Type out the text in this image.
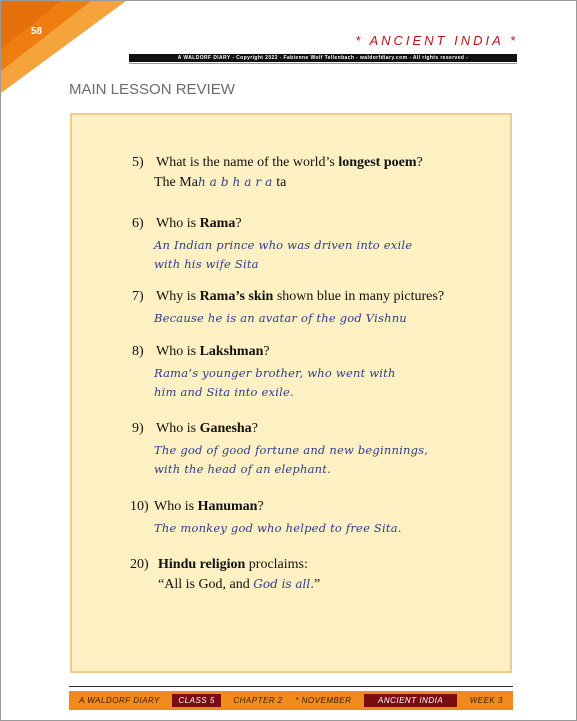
58
* ANCIENT INDIA *
A WALDORF DIARY - Copyright 2022 - Fabienne Wolf Tellenbach - waldorfdiary.com - All rights reserved -
MAIN LESSON REVIEW
5) What is the name of the world’s longest poem?
The Mahabharata
6) Who is Rama?
An Indian prince who was driven into exile
with his wife Sita
7) Why is Rama’s skin shown blue in many pictures?
Because he is an avatar of the god Vishnu
8) Who is Lakshman?
Rama’s younger brother, who went with
him and Sita into exile.
9) Who is Ganesha?
The god of good fortune and new beginnings,
with the head of an elephant.
10) Who is Hanuman?
The monkey god who helped to free Sita.
20) Hindu religion proclaims:
“All is God, and God is all.”
A WALDORF DIARY	CLASS 5	CHAPTER 2 * NOVEMBER	ANCIENT INDIA	WEEK 3
